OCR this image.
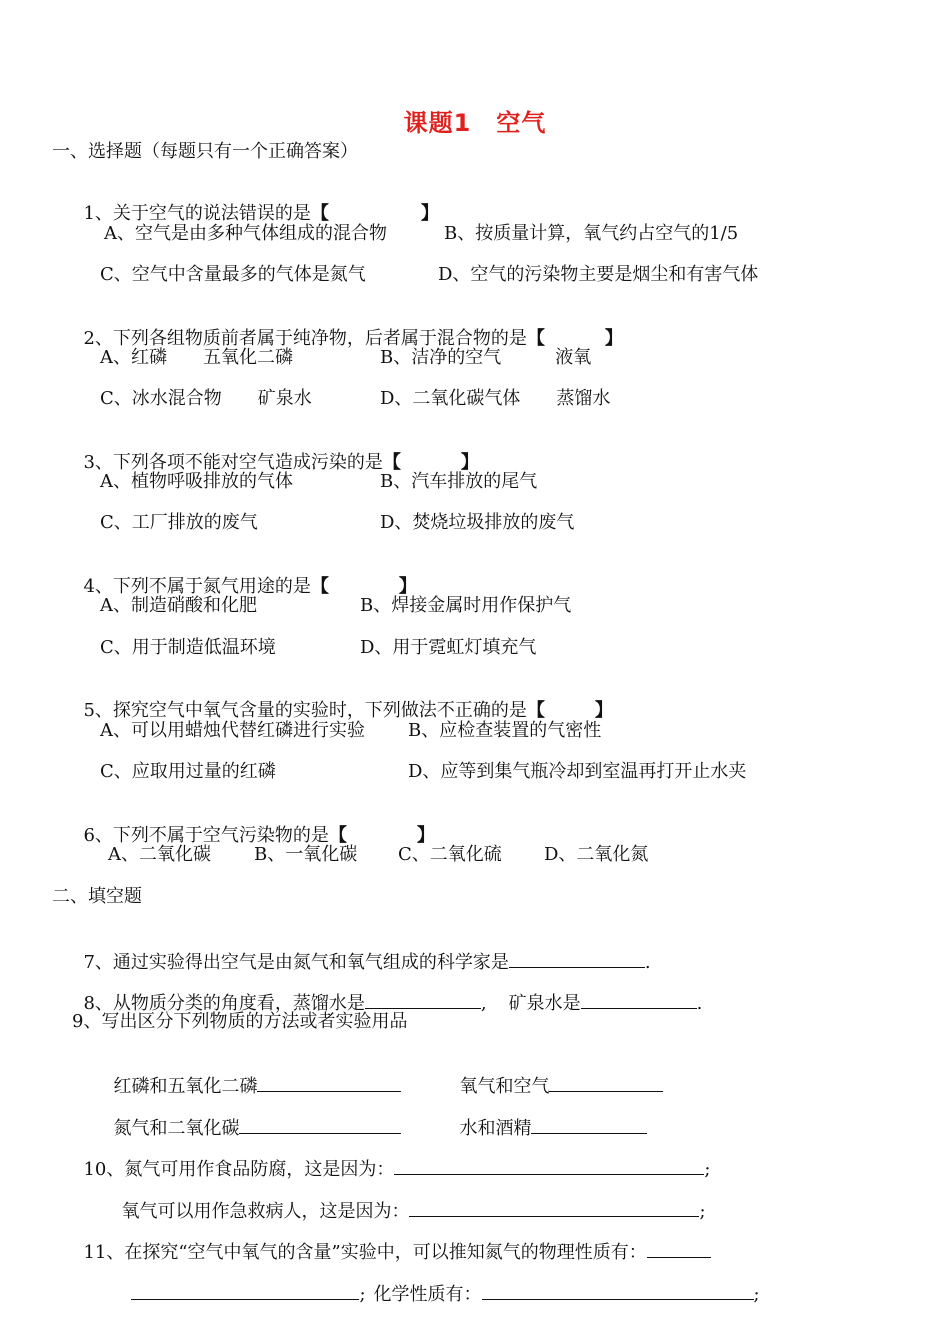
课题1　空气
一、选择题（每题只有一个正确答案）

1、关于空气的说法错误的是【	】

A、空气是由多种气体组成的混合物	B、按质量计算，氧气约占空气的1/5
C、空气中含量最多的气体是氮气	D、空气的污染物主要是烟尘和有害气体

2、下列各组物质前者属于纯净物，后者属于混合物的是【	】

A、红磷　　五氧化二磷	B、洁净的空气　　　液氧
C、冰水混合物　　矿泉水	D、二氧化碳气体　　蒸馏水

3、下列各项不能对空气造成污染的是【	】

A、植物呼吸排放的气体	B、汽车排放的尾气
C、工厂排放的废气	D、焚烧垃圾排放的废气

4、下列不属于氮气用途的是【	】

A、制造硝酸和化肥	B、焊接金属时用作保护气
C、用于制造低温环境	D、用于霓虹灯填充气

5、探究空气中氧气含量的实验时，下列做法不正确的是【	】

A、可以用蜡烛代替红磷进行实验 B、应检查装置的气密性
C、应取用过量的红磷	D、应等到集气瓶冷却到室温再打开止水夹

6、下列不属于空气污染物的是【	】

A、二氧化碳 B、一氧化碳 C、二氧化硫 D、二氧化氮
二、填空题

7、通过实验得出空气是由氮气和氧气组成的科学家是	.

8、从物质分类的角度看，蒸馏水是	, 矿泉水是	.

9、写出区分下列物质的方法或者实验用品

红磷和五氧化二磷	氧气和空气

氮气和二氧化碳	水和酒精

10、氮气可用作食品防腐，这是因为：	;

氧气可以用作急救病人，这是因为：	;

11、在探究“空气中氧气的含量”实验中，可以推知氮气的物理性质有：

; 化学性质有：	;
